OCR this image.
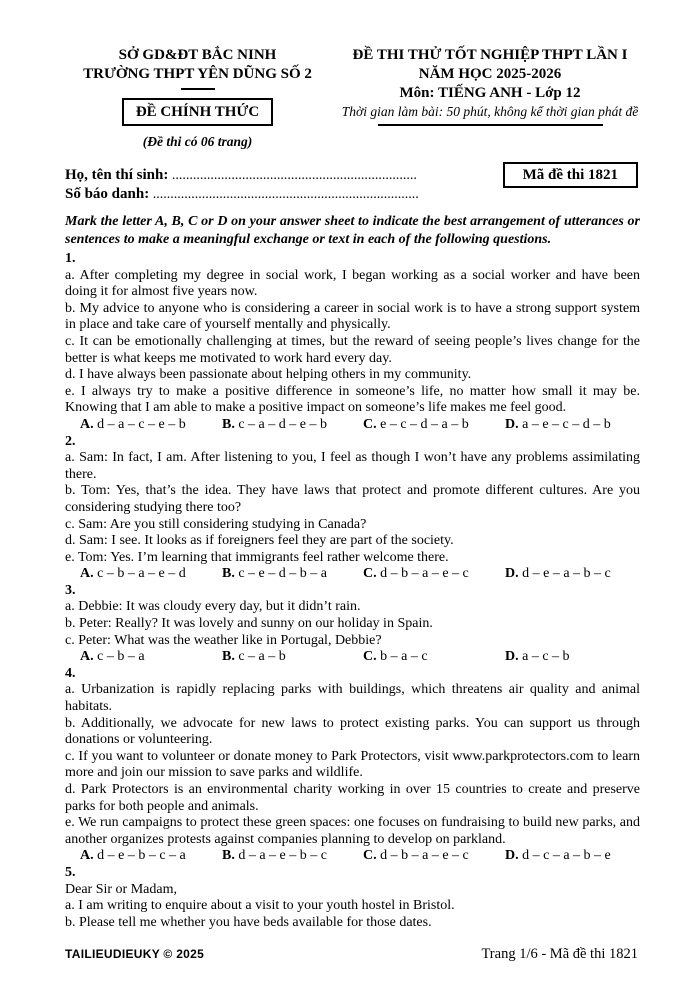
SỞ GD&ĐT BẮC NINH
TRƯỜNG THPT YÊN DŨNG SỐ 2
ĐỀ CHÍNH THỨC
(Đề thi có 06 trang)
ĐỀ THI THỬ TỐT NGHIỆP THPT LẦN I
NĂM HỌC 2025-2026
Môn: TIẾNG ANH - Lớp 12
Thời gian làm bài: 50 phút, không kể thời gian phát đề
Họ, tên thí sinh: ......................................................................
Số báo danh: ............................................................................
Mã đề thi 1821

Mark the letter A, B, C or D on your answer sheet to indicate the best arrangement of utterances or sentences to make a meaningful exchange or text in each of the following questions.

1.

a. After completing my degree in social work, I began working as a social worker and have been doing it for almost five years now.

b. My advice to anyone who is considering a career in social work is to have a strong support system in place and take care of yourself mentally and physically.

c. It can be emotionally challenging at times, but the reward of seeing people’s lives change for the better is what keeps me motivated to work hard every day.

d. I have always been passionate about helping others in my community.

e. I always try to make a positive difference in someone’s life, no matter how small it may be. Knowing that I am able to make a positive impact on someone’s life makes me feel good.

A. d – a – c – e – b	B. c – a – d – e – b	C. e – c – d – a – b	D. a – e – c – d – b

2.

a. Sam: In fact, I am. After listening to you, I feel as though I won’t have any problems assimilating there.

b. Tom: Yes, that’s the idea. They have laws that protect and promote different cultures. Are you considering studying there too?

c. Sam: Are you still considering studying in Canada?

d. Sam: I see. It looks as if foreigners feel they are part of the society.

e. Tom: Yes. I’m learning that immigrants feel rather welcome there.

A. c – b – a – e – d	B. c – e – d – b – a	C. d – b – a – e – c	D. d – e – a – b – c

3.

a. Debbie: It was cloudy every day, but it didn’t rain.

b. Peter: Really? It was lovely and sunny on our holiday in Spain.

c. Peter: What was the weather like in Portugal, Debbie?

A. c – b – a	B. c – a – b	C. b – a – c	D. a – c – b

4.

a. Urbanization is rapidly replacing parks with buildings, which threatens air quality and animal habitats.

b. Additionally, we advocate for new laws to protect existing parks. You can support us through donations or volunteering.

c. If you want to volunteer or donate money to Park Protectors, visit www.parkprotectors.com to learn more and join our mission to save parks and wildlife.

d. Park Protectors is an environmental charity working in over 15 countries to create and preserve parks for both people and animals.

e. We run campaigns to protect these green spaces: one focuses on fundraising to build new parks, and another organizes protests against companies planning to develop on parkland.

A. d – e – b – c – a	B. d – a – e – b – c	C. d – b – a – e – c	D. d – c – a – b – e

5.

Dear Sir or Madam,

a. I am writing to enquire about a visit to your youth hostel in Bristol.

b. Please tell me whether you have beds available for those dates.

TAILIEUDIEUKY © 2025	Trang 1/6 - Mã đề thi 1821
